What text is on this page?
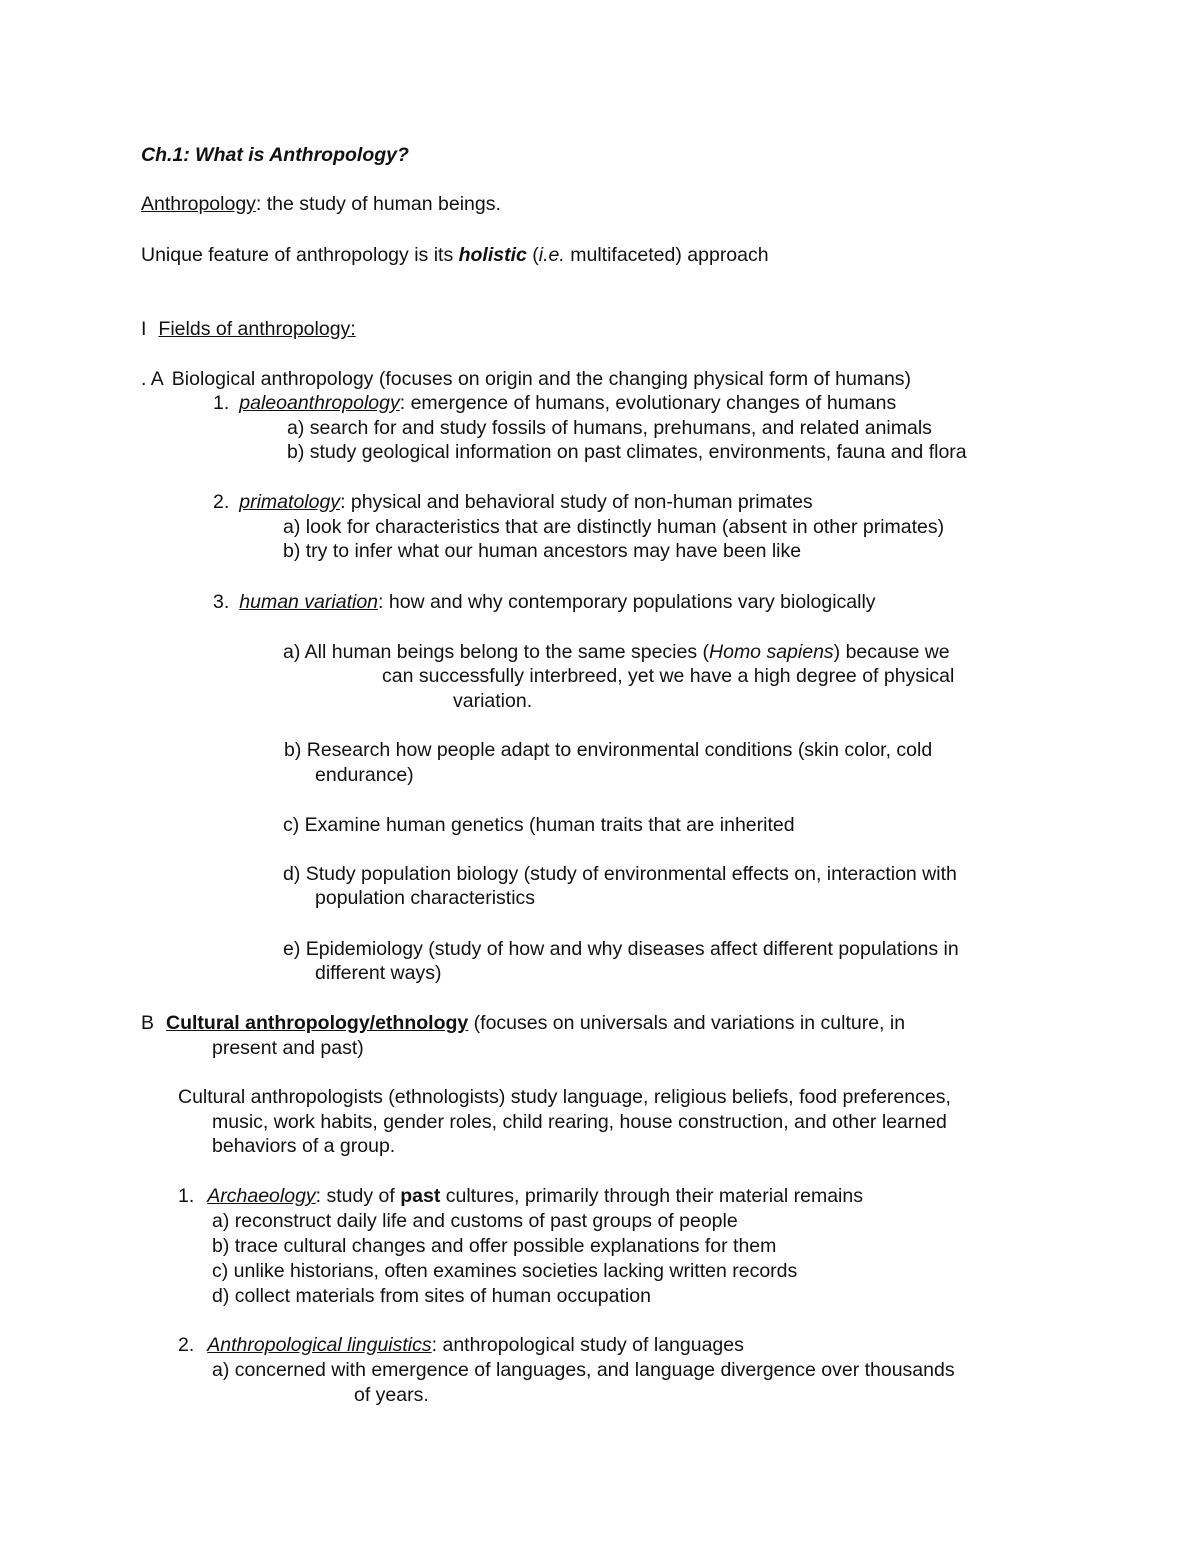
Ch.1: What is Anthropology?
Anthropology: the study of human beings.
Unique feature of anthropology is its holistic (i.e. multifaceted) approach
I Fields of anthropology:
. A Biological anthropology (focuses on origin and the changing physical form of humans)
1. paleoanthropology: emergence of humans, evolutionary changes of humans
a) search for and study fossils of humans, prehumans, and related animals
b) study geological information on past climates, environments, fauna and flora
2. primatology: physical and behavioral study of non-human primates
a) look for characteristics that are distinctly human (absent in other primates)
b) try to infer what our human ancestors may have been like
3. human variation: how and why contemporary populations vary biologically
a) All human beings belong to the same species (Homo sapiens) because we
can successfully interbreed, yet we have a high degree of physical
variation.
b) Research how people adapt to environmental conditions (skin color, cold
endurance)
c) Examine human genetics (human traits that are inherited
d) Study population biology (study of environmental effects on, interaction with
population characteristics
e) Epidemiology (study of how and why diseases affect different populations in
different ways)
B Cultural anthropology/ethnology (focuses on universals and variations in culture, in
present and past)
Cultural anthropologists (ethnologists) study language, religious beliefs, food preferences,
music, work habits, gender roles, child rearing, house construction, and other learned
behaviors of a group.
1. Archaeology: study of past cultures, primarily through their material remains
a) reconstruct daily life and customs of past groups of people
b) trace cultural changes and offer possible explanations for them
c) unlike historians, often examines societies lacking written records
d) collect materials from sites of human occupation
2. Anthropological linguistics: anthropological study of languages
a) concerned with emergence of languages, and language divergence over thousands
of years.
